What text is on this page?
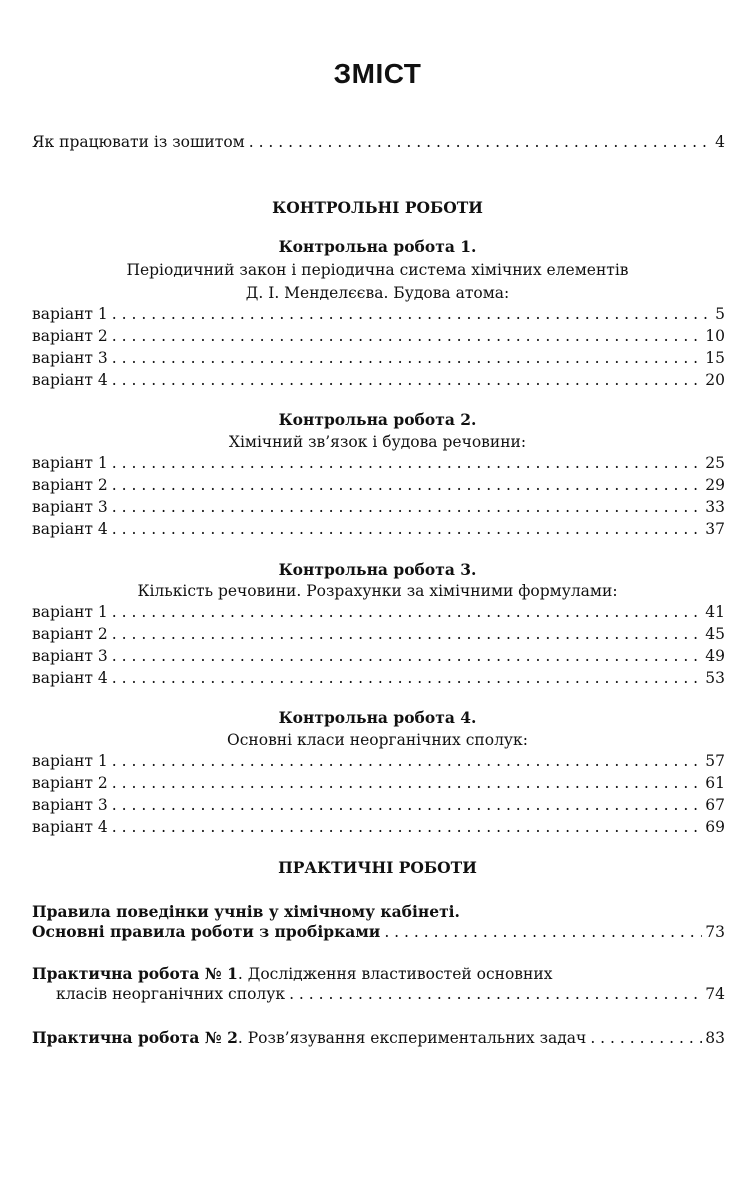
ЗМІСТ
Як працювати із зошитом . . .	4
КОНТРОЛЬНІ РОБОТИ
Контрольна робота 1.
Періодичний закон і періодична система хімічних елементів
Д. І. Менделєєва. Будова атома:
варіант 1 . . .	5
варіант 2 . . .	10
варіант 3 . . .	15
варіант 4 . . .	20
Контрольна робота 2.
Хімічний зв’язок і будова речовини:
варіант 1 . . .	25
варіант 2 . . .	29
варіант 3 . . .	33
варіант 4 . . .	37
Контрольна робота 3.
Кількість речовини. Розрахунки за хімічними формулами:
варіант 1 . . .	41
варіант 2 . . .	45
варіант 3 . . .	49
варіант 4 . . .	53
Контрольна робота 4.
Основні класи неорганічних сполук:
варіант 1 . . .	57
варіант 2 . . .	61
варіант 3 . . .	67
варіант 4 . . .	69
ПРАКТИЧНІ РОБОТИ
Правила поведінки учнів у хімічному кабінеті.
Основні правила роботи з пробірками . . .	73
Практична робота № 1. Дослідження властивостей основних
класів неорганічних сполук . . .	74
Практична робота № 2. Розв’язування експериментальних задач . . .	83
